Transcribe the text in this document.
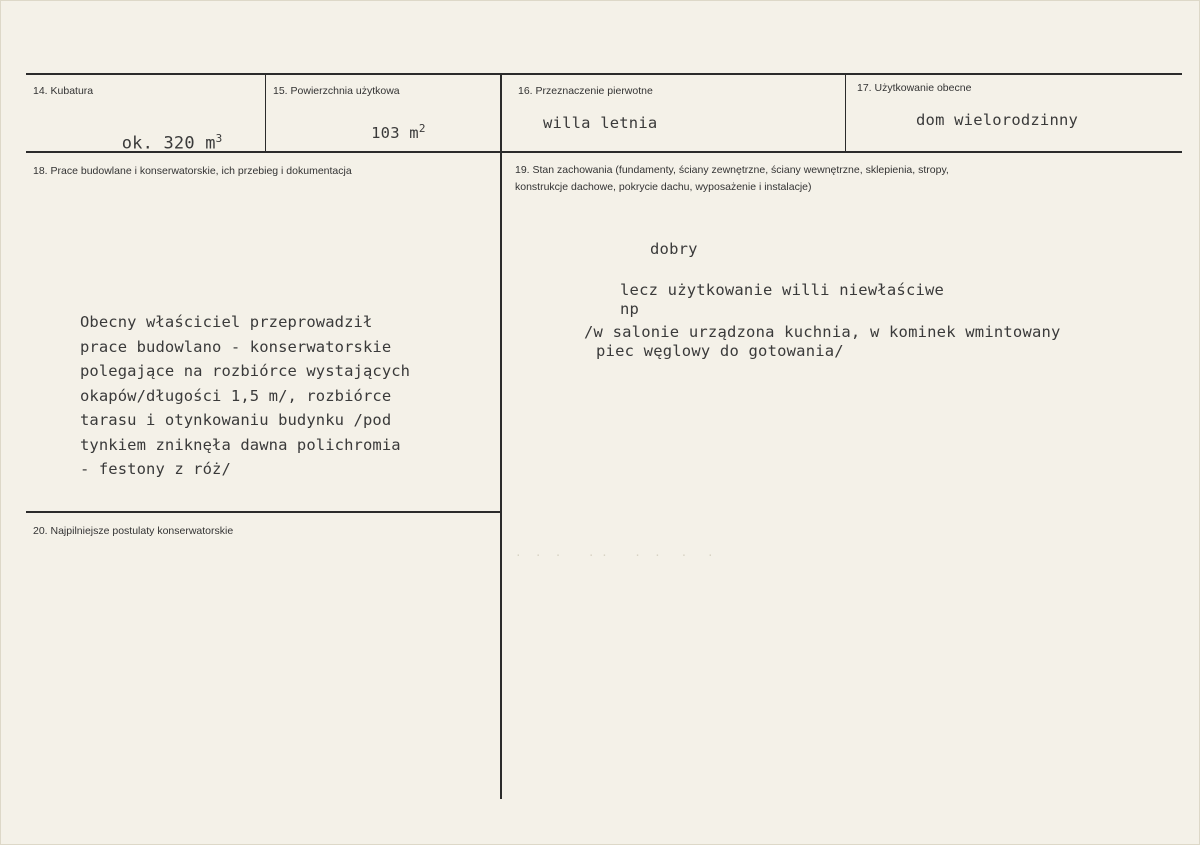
.  .  .    . .    .  .   .   .

14. Kubatura

ok. 320 $m^3$

15. Powierzchnia użytkowa

103 $m^2$

16. Przeznaczenie pierwotne
willa letnia
17. Użytkowanie obecne
dom wielorodzinny
18. Prace budowlane i konserwatorskie, ich przebieg i dokumentacja
Obecny właściciel przeprowadził
prace budowlano - konserwatorskie
polegające na rozbiórce wystających
okapów/długości 1,5 m/, rozbiórce
tarasu i otynkowaniu budynku /pod
tynkiem zniknęła dawna polichromia
- festony z róż/
19. Stan zachowania (fundamenty, ściany zewnętrzne, ściany wewnętrzne, sklepienia, stropy,
konstrukcje dachowe, pokrycie dachu, wyposażenie i instalacje)
dobry
lecz użytkowanie willi niewłaściwe
np
/w salonie urządzona kuchnia, w kominek wmintowany
piec węglowy do gotowania/
20. Najpilniejsze postulaty konserwatorskie
